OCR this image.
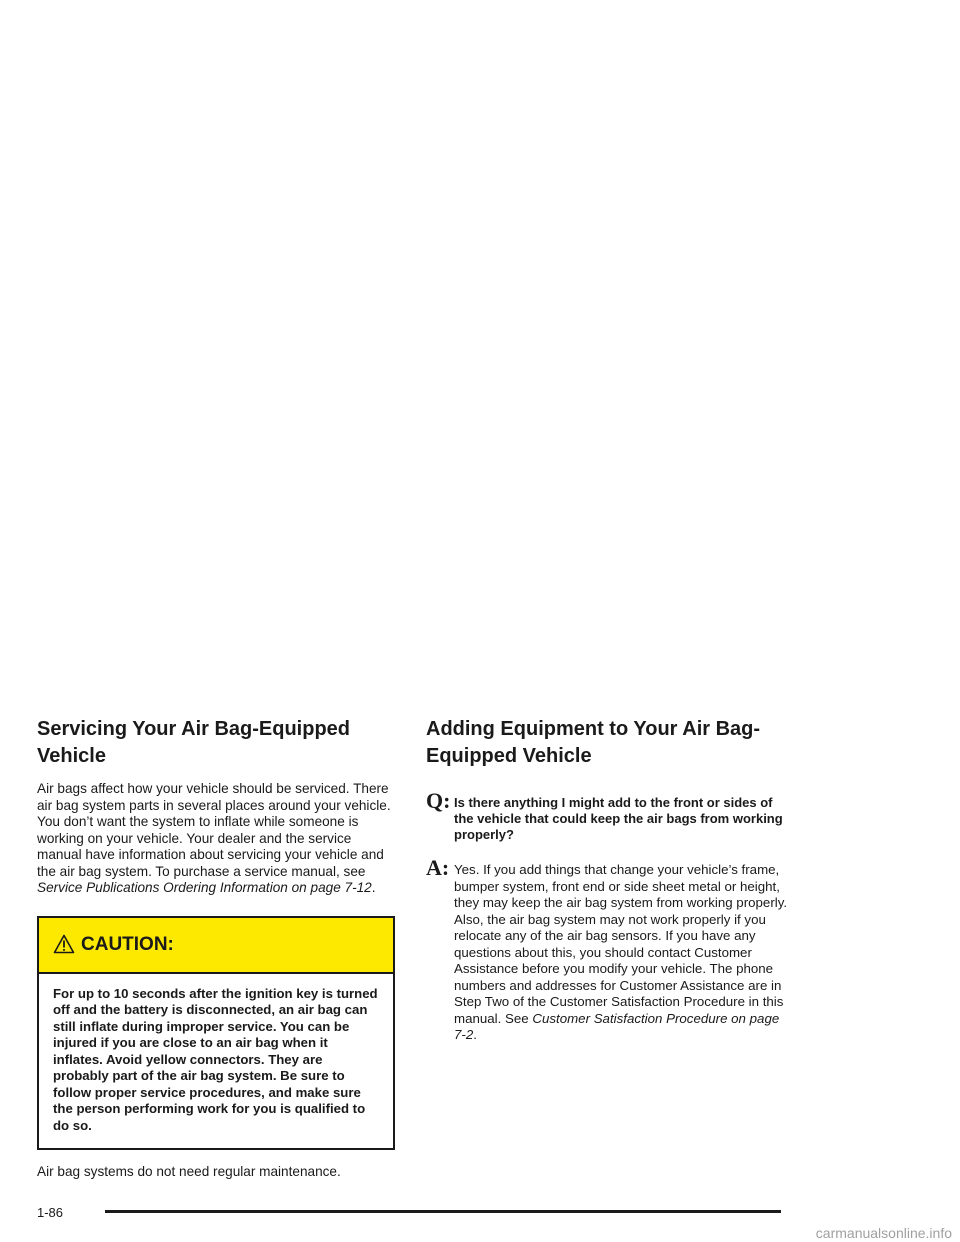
Servicing Your Air Bag-Equipped Vehicle

Air bags affect how your vehicle should be serviced. There air bag system parts in several places around your vehicle. You don’t want the system to inflate while someone is working on your vehicle. Your dealer and the service manual have information about servicing your vehicle and the air bag system. To purchase a service manual, see Service Publications Ordering Information on page 7-12.

CAUTION:
For up to 10 seconds after the ignition key is turned off and the battery is disconnected, an air bag can still inflate during improper service. You can be injured if you are close to an air bag when it inflates. Avoid yellow connectors. They are probably part of the air bag system. Be sure to follow proper service procedures, and make sure the person performing work for you is qualified to do so.

Air bag systems do not need regular maintenance.

Adding Equipment to Your Air Bag-Equipped Vehicle
Q: Is there anything I might add to the front or sides of the vehicle that could keep the air bags from working properly?
A: Yes. If you add things that change your vehicle’s frame, bumper system, front end or side sheet metal or height, they may keep the air bag system from working properly. Also, the air bag system may not work properly if you relocate any of the air bag sensors. If you have any questions about this, you should contact Customer Assistance before you modify your vehicle. The phone numbers and addresses for Customer Assistance are in Step Two of the Customer Satisfaction Procedure in this manual. See Customer Satisfaction Procedure on page 7-2.
1-86
carmanualsonline.info
